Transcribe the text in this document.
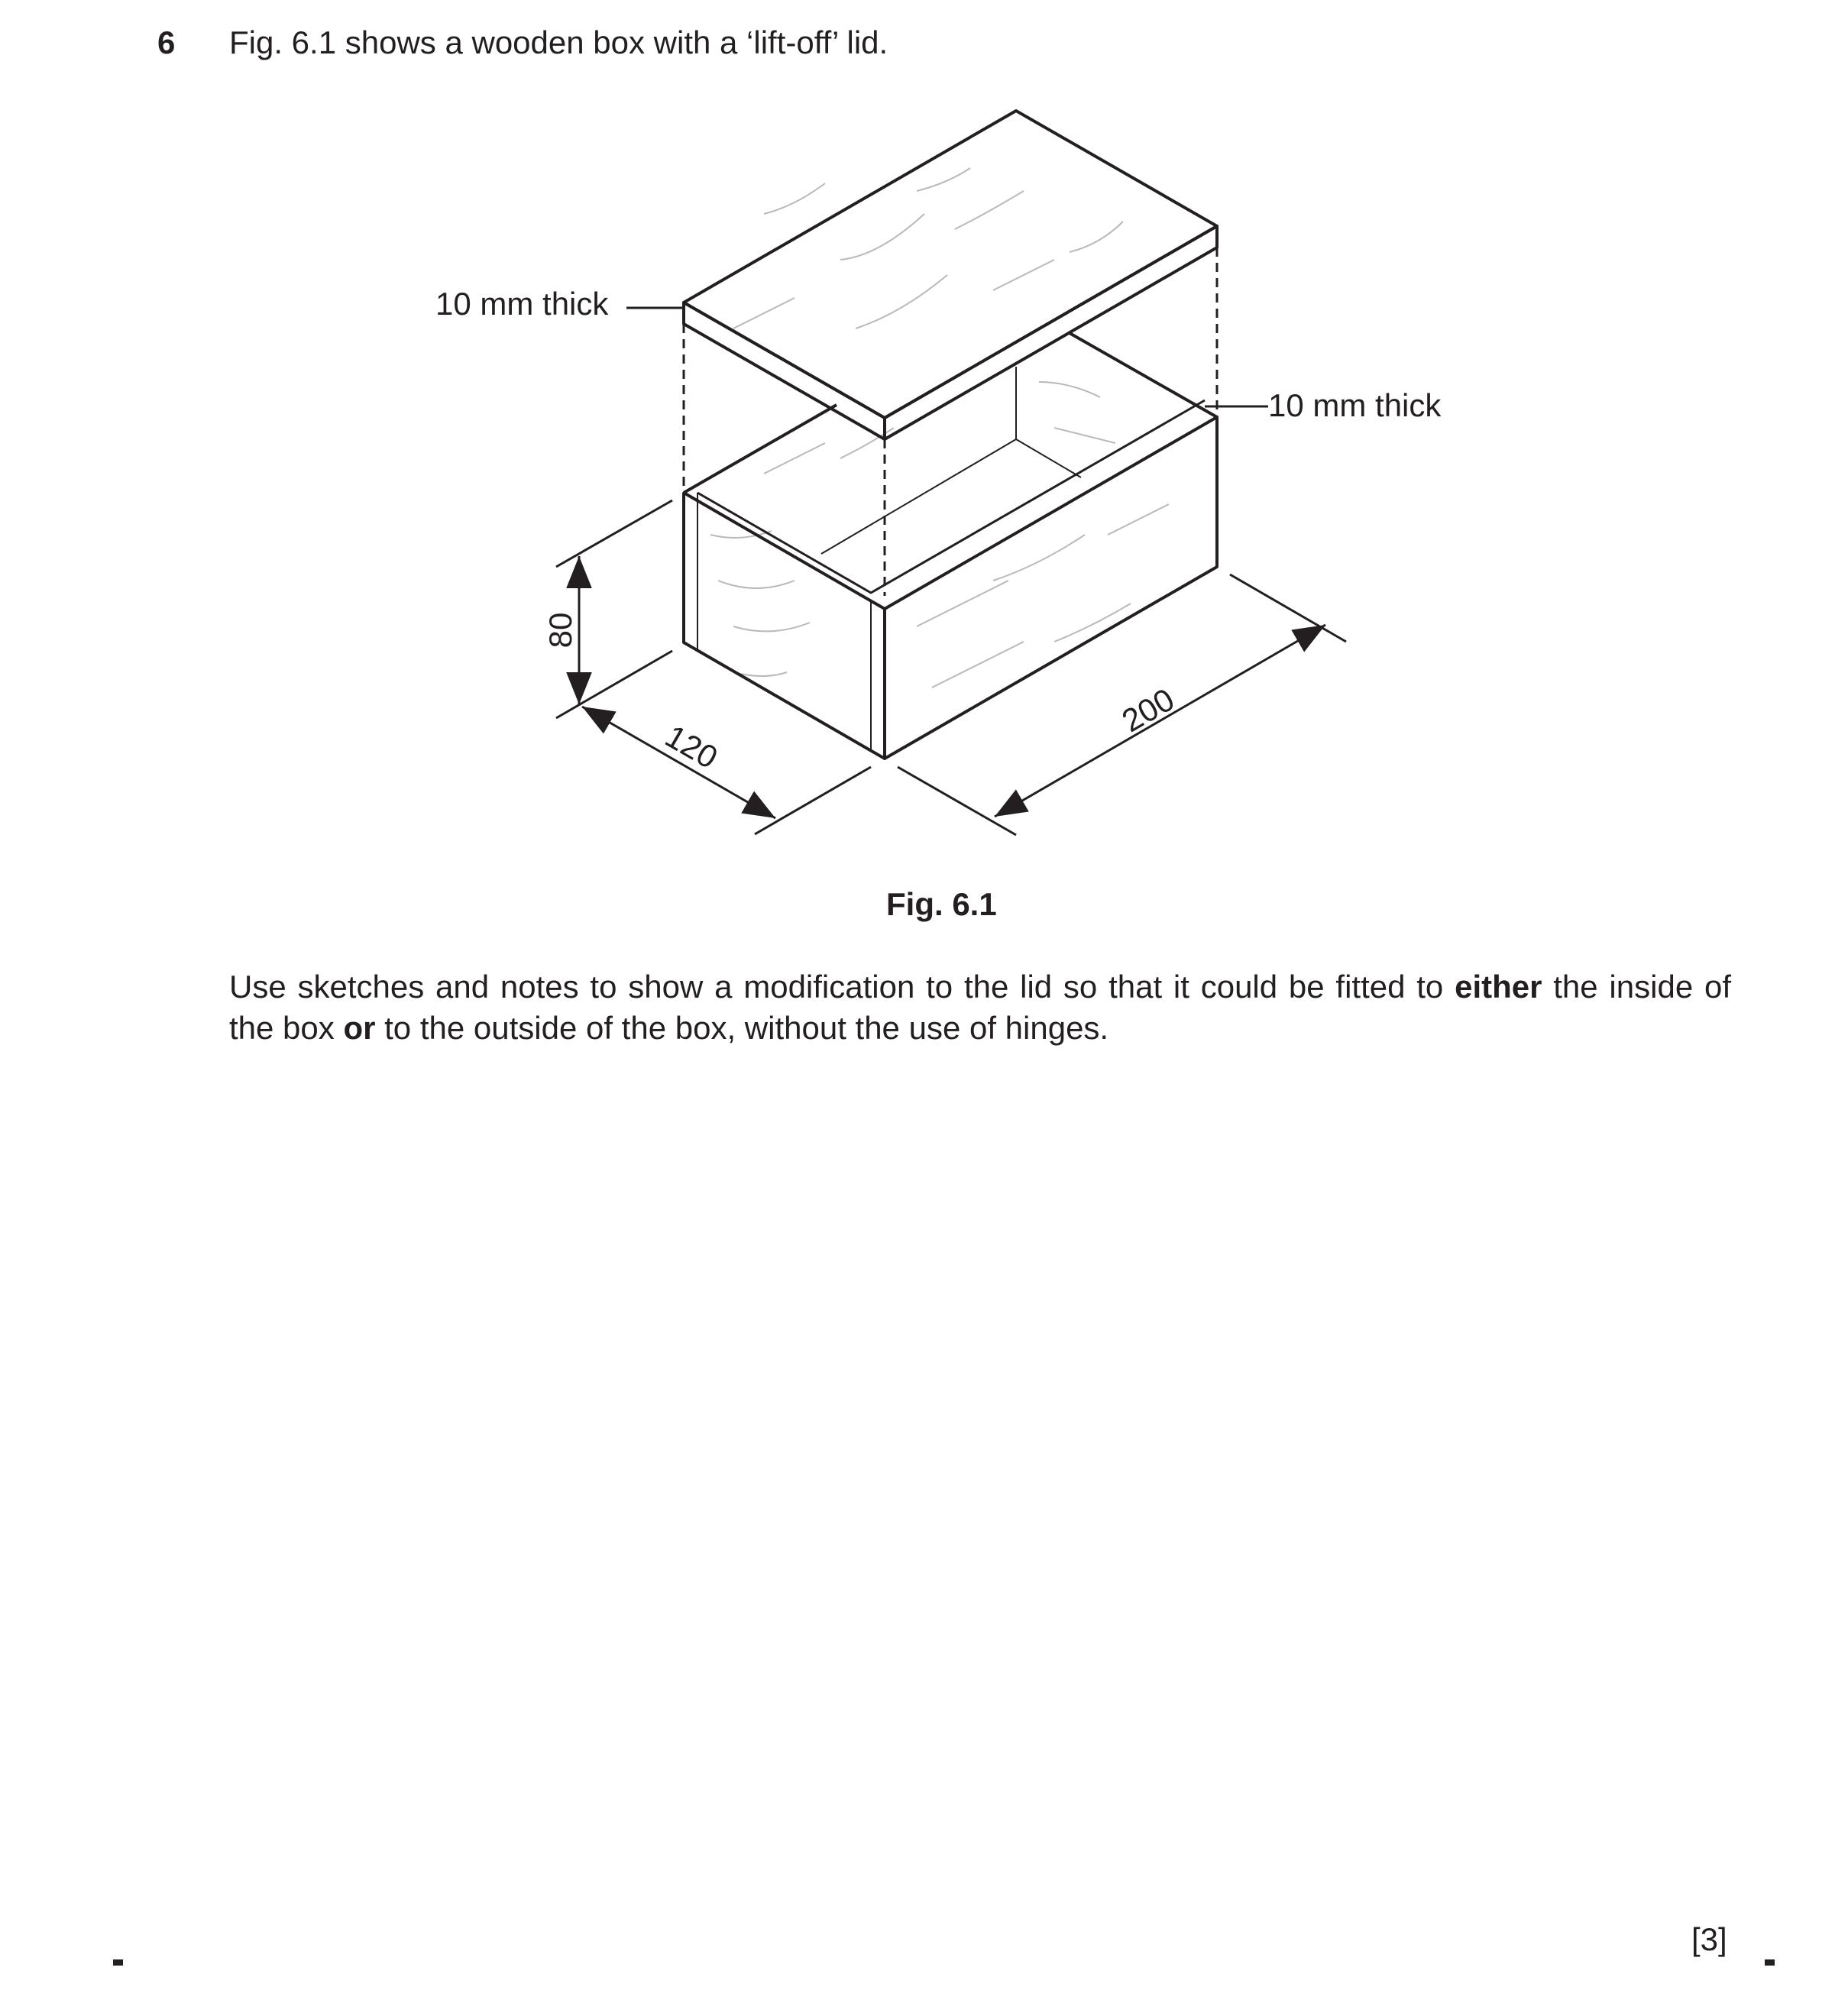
6 Fig. 6.1 shows a wooden box with a ‘lift-off’ lid.
10 mm thick
10 mm thick
80
120
200
Fig. 6.1
Use sketches and notes to show a modification to the lid so that it could be fitted to either the inside of the box or to the outside of the box, without the use of hinges.
[3]
